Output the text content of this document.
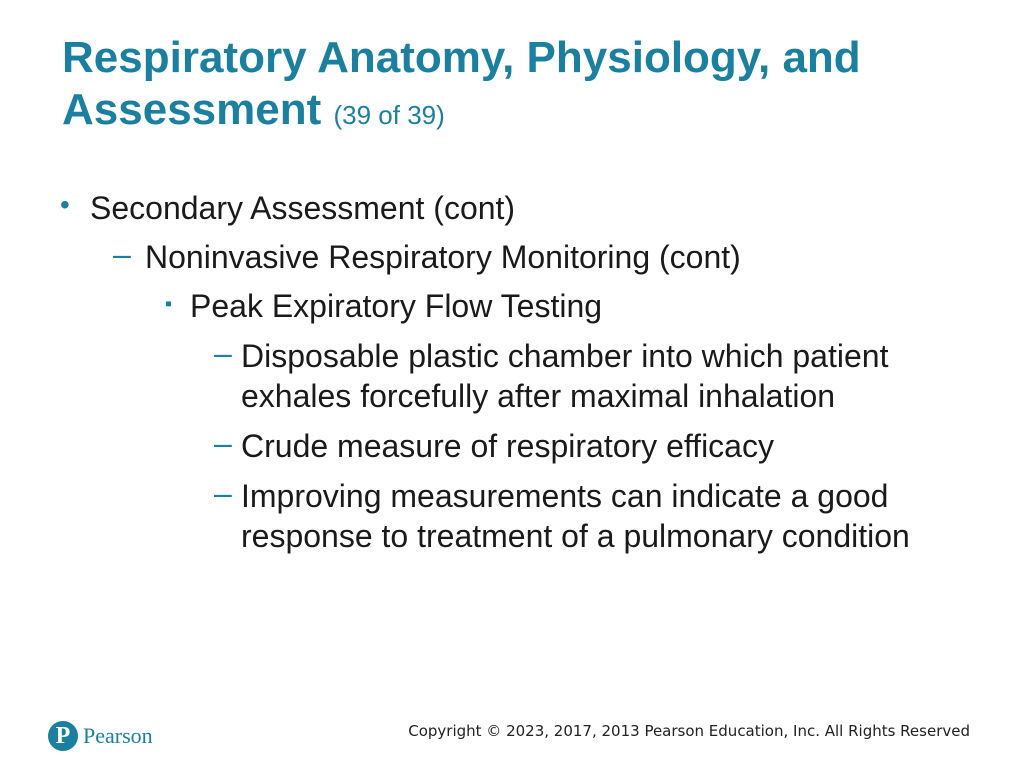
Respiratory Anatomy, Physiology, and Assessment (39 of 39)
• Secondary Assessment (cont)
– Noninvasive Respiratory Monitoring (cont)
▪ Peak Expiratory Flow Testing
– Disposable plastic chamber into which patient exhales forcefully after maximal inhalation
– Crude measure of respiratory efficacy
– Improving measurements can indicate a good response to treatment of a pulmonary condition
P Pearson	Copyright © 2023, 2017, 2013 Pearson Education, Inc. All Rights Reserved
